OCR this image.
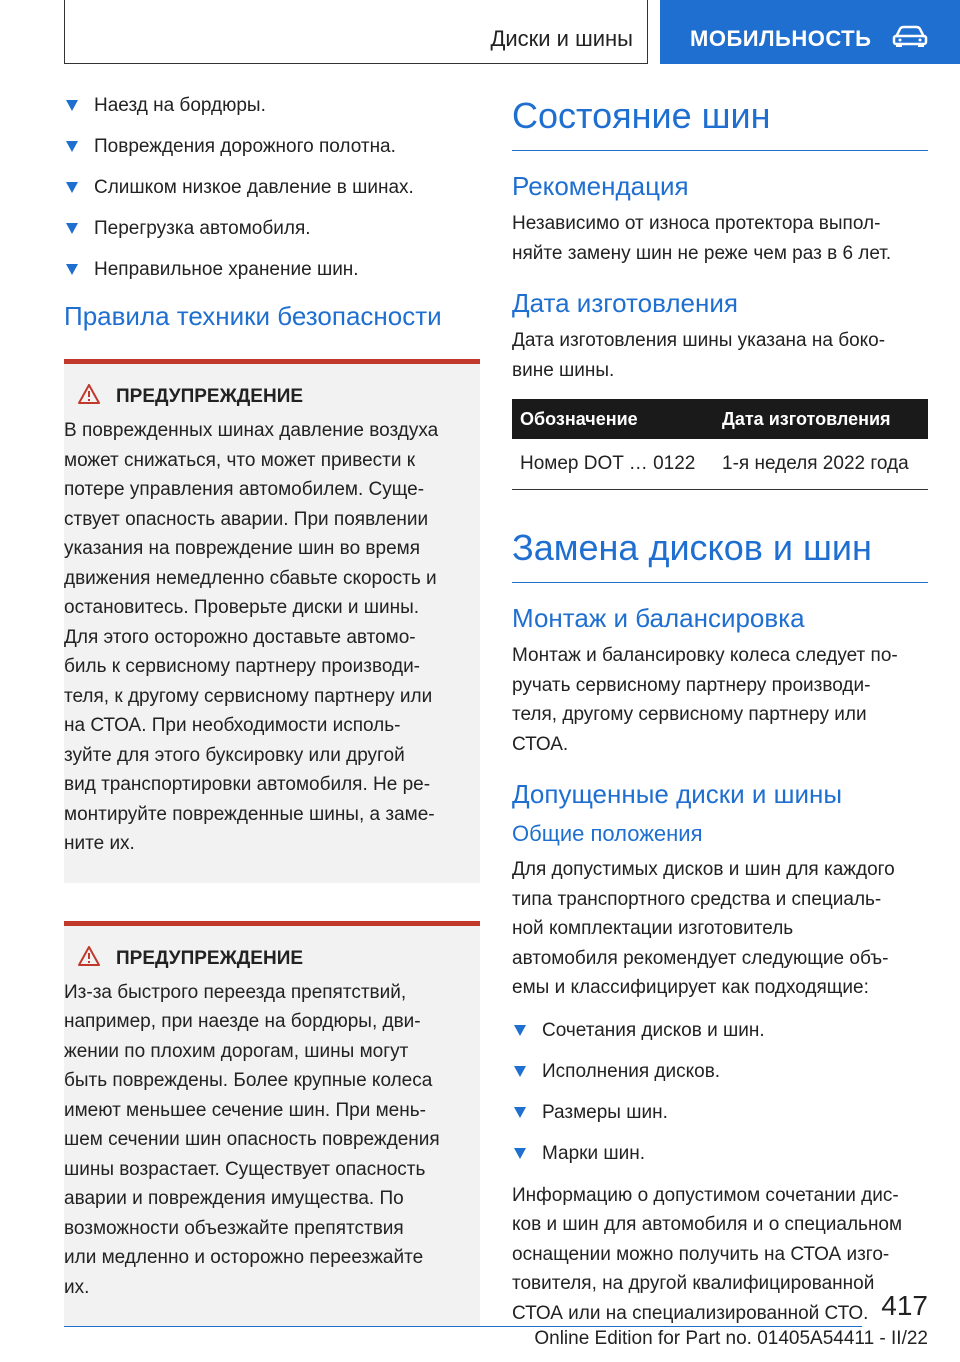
Диски и шины	МОБИЛЬНОСТЬ
Наезд на бордюры.
Повреждения дорожного полотна.
Слишком низкое давление в шинах.
Перегрузка автомобиля.
Неправильное хранение шин.
Правила техники безопасности
ПРЕДУПРЕЖДЕНИЕ
В поврежденных шинах давление воздуха
может снижаться, что может привести к
потере управления автомобилем. Суще-
ствует опасность аварии. При появлении
указания на повреждение шин во время
движения немедленно сбавьте скорость и
остановитесь. Проверьте диски и шины.
Для этого осторожно доставьте автомо-
биль к сервисному партнеру производи-
теля, к другому сервисному партнеру или
на СТОА. При необходимости исполь-
зуйте для этого буксировку или другой
вид транспортировки автомобиля. Не ре-
монтируйте поврежденные шины, а заме-
ните их.
ПРЕДУПРЕЖДЕНИЕ
Из-за быстрого переезда препятствий,
например, при наезде на бордюры, дви-
жении по плохим дорогам, шины могут
быть повреждены. Более крупные колеса
имеют меньшее сечение шин. При мень-
шем сечении шин опасность повреждения
шины возрастает. Существует опасность
аварии и повреждения имущества. По
возможности объезжайте препятствия
или медленно и осторожно переезжайте
их.
Состояние шин
Рекомендация
Независимо от износа протектора выпол-
няйте замену шин не реже чем раз в 6 лет.
Дата изготовления
Дата изготовления шины указана на боко-
вине шины.
Обозначение	Дата изготовления
Номер DOT … 0122	1-я неделя 2022 года
Замена дисков и шин
Монтаж и балансировка
Монтаж и балансировку колеса следует по-
ручать сервисному партнеру производи-
теля, другому сервисному партнеру или
СТОА.
Допущенные диски и шины
Общие положения
Для допустимых дисков и шин для каждого
типа транспортного средства и специаль-
ной комплектации изготовитель
автомобиля рекомендует следующие объ-
емы и классифицирует как подходящие:
Сочетания дисков и шин.
Исполнения дисков.
Размеры шин.
Марки шин.
Информацию о допустимом сочетании дис-
ков и шин для автомобиля и о специальном
оснащении можно получить на СТОА изго-
товителя, на другой квалифицированной
СТОА или на специализированной СТО. 417
Online Edition for Part no. 01405A54411 - II/22
